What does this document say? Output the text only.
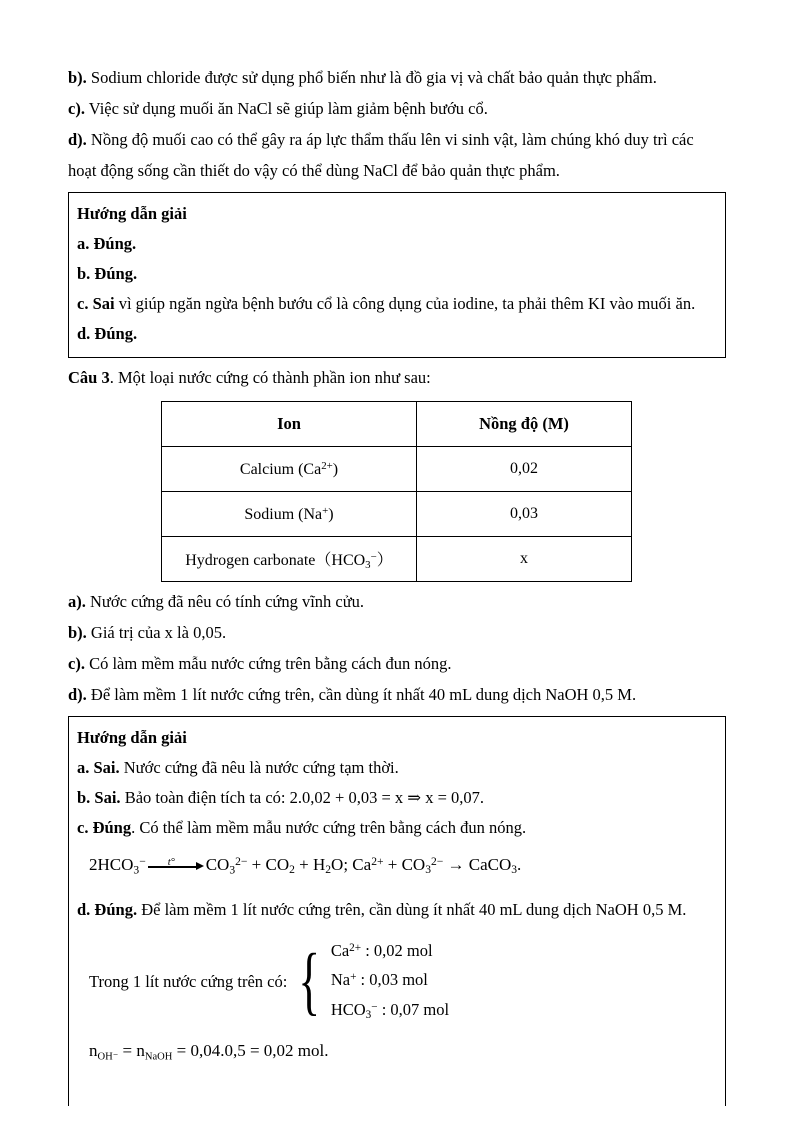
b). Sodium chloride được sử dụng phổ biến như là đồ gia vị và chất bảo quản thực phẩm.

c). Việc sử dụng muối ăn NaCl sẽ giúp làm giảm bệnh bướu cổ.

d). Nồng độ muối cao có thể gây ra áp lực thẩm thấu lên vi sinh vật, làm chúng khó duy trì các hoạt động sống cần thiết do vậy có thể dùng NaCl để bảo quản thực phẩm.

Hướng dẫn giải

a. Đúng.

b. Đúng.

c. Sai vì giúp ngăn ngừa bệnh bướu cổ là công dụng của iodine, ta phải thêm KI vào muối ăn.

d. Đúng.

Câu 3. Một loại nước cứng có thành phần ion như sau:

Ion	Nồng độ (M)
Calcium $(Ca^{2+})$	0,02
Sodium (Na+)	0,03
Hydrogen $carbonate(HCO_3^-)$	x

a). Nước cứng đã nêu có tính cứng vĩnh cửu.

b). Giá trị của x là 0,05.

c). Có làm mềm mẫu nước cứng trên bằng cách đun nóng.

d). Để làm mềm 1 lít nước cứng trên, cần dùng ít nhất 40 mL dung dịch NaOH 0,5 M.

Hướng dẫn giải

a. Sai. Nước cứng đã nêu là nước cứng tạm thời.

b. Sai. Bảo toàn điện tích ta có: 2.0,02 + 0,03 = x ⇒ x = 0,07.

c. Đúng. Có thể làm mềm mẫu nước cứng trên bằng cách đun nóng.

$2HCO_3^-$ t° $CO_3^{2-} + CO_2 + H_2O$; $Ca^{2+} + CO_3^{2-}$ → CaCO$_3$.

d. Đúng. Để làm mềm 1 lít nước cứng trên, cần dùng ít nhất 40 mL dung dịch NaOH 0,5 M.

Trong 1 lít nước cứng trên có: { $Ca^{2+}$ : 0,02 mol
Na+ : 0,03 mol
$HCO_3^-$ : 0,07 mol
nOH⁻ = nNaOH = 0,04.0,5 = 0,02 mol.
